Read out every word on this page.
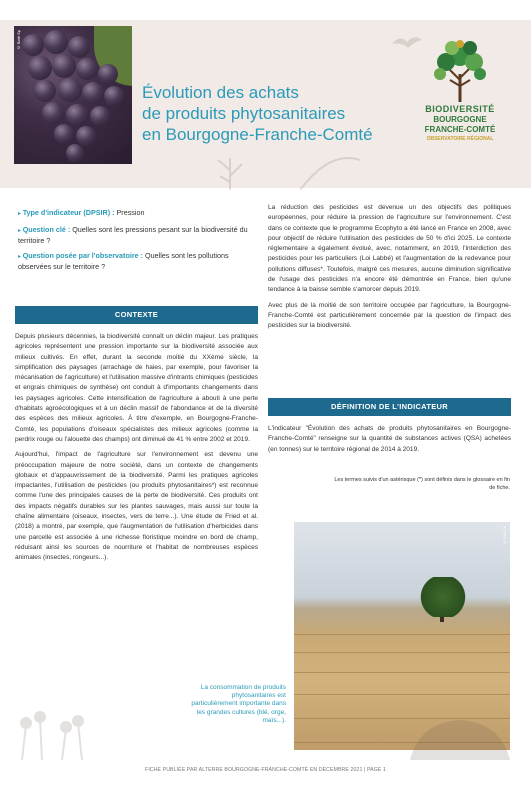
© Bolé Sp
Évolution des achats
de produits phytosanitaires
en Bourgogne-Franche-Comté
BIODIVERSITÉ
BOURGOGNE
FRANCHE-COMTÉ
OBSERVATOIRE RÉGIONAL

▸ Type d'indicateur (DPSIR) : Pression

▸ Question clé : Quelles sont les pressions pesant sur la biodiversité du territoire ?

▸ Question posée par l'observatoire : Quelles sont les pollutions observées sur le territoire ?

CONTEXTE

Depuis plusieurs décennies, la biodiversité connaît un déclin majeur. Les pratiques agricoles représentent une pression importante sur la biodiversité associée aux milieux cultivés. En effet, durant la seconde moitié du XXème siècle, la simplification des paysages (arrachage de haies, par exemple, pour favoriser la mécanisation de l'agriculture) et l'utilisation massive d'intrants chimiques (pesticides et engrais chimiques de synthèse) ont conduit à d'importants changements dans les paysages agricoles. Cette intensification de l'agriculture a abouti à une perte d'habitats agroécologiques et à un déclin massif de l'abondance et de la diversité des espèces des milieux agricoles. À titre d'exemple, en Bourgogne-Franche-Comté, les populations d'oiseaux spécialistes des milieux agricoles (comme la perdrix rouge ou l'alouette des champs) ont diminué de 41 % entre 2002 et 2019.

Aujourd'hui, l'impact de l'agriculture sur l'environnement est devenu une préoccupation majeure de notre société, dans un contexte de changements globaux et d'appauvrissement de la biodiversité. Parmi les pratiques agricoles impactantes, l'utilisation de pesticides (ou produits phytosanitaires*) est reconnue comme l'une des principales causes de la perte de biodiversité. Ces produits ont des impacts négatifs durables sur les plantes sauvages, mais aussi sur toute la chaîne alimentaire (oiseaux, insectes, vers de terre...). Une étude de Fried et al. (2018) a montré, par exemple, que l'augmentation de l'utilisation d'herbicides dans une parcelle est associée à une richesse floristique moindre en bord de champ, réduisant ainsi les sources de nourriture et l'habitat de nombreuses espèces animales (insectes, rongeurs...).

La réduction des pesticides est devenue un des objectifs des politiques européennes, pour réduire la pression de l'agriculture sur l'environnement. C'est dans ce contexte que le programme Ecophyto a été lancé en France en 2008, avec pour objectif de réduire l'utilisation des pesticides de 50 % d'ici 2025. Le contexte réglementaire a également évolué, avec, notamment, en 2019, l'interdiction des pesticides pour les particuliers (Loi Labbé) et l'augmentation de la redevance pour pollutions diffuses*. Toutefois, malgré ces mesures, aucune diminution significative de l'usage des pesticides n'a encore été démontrée en France, bien qu'une tendance à la baisse semble s'amorcer depuis 2019.

Avec plus de la moitié de son territoire occupée par l'agriculture, la Bourgogne-Franche-Comté est particulièrement concernée par la question de l'impact des pesticides sur la biodiversité.

DÉFINITION DE L'INDICATEUR

L'indicateur "Évolution des achats de produits phytosanitaires en Bourgogne-Franche-Comté" renseigne sur la quantité de substances actives (QSA) achetées (en tonnes) sur le territoire régional de 2014 à 2019.

Les termes suivis d'un astérisque (*) sont définis dans le glossaire en fin de fiche.
© Pixl Eb
La consommation de produits phytosanitaires est particulièrement importante dans les grandes cultures (blé, orge, maïs...).
FICHE PUBLIÉE PAR ALTERRE BOURGOGNE-FRANCHE-COMTÉ EN DÉCEMBRE 2021 | PAGE 1
